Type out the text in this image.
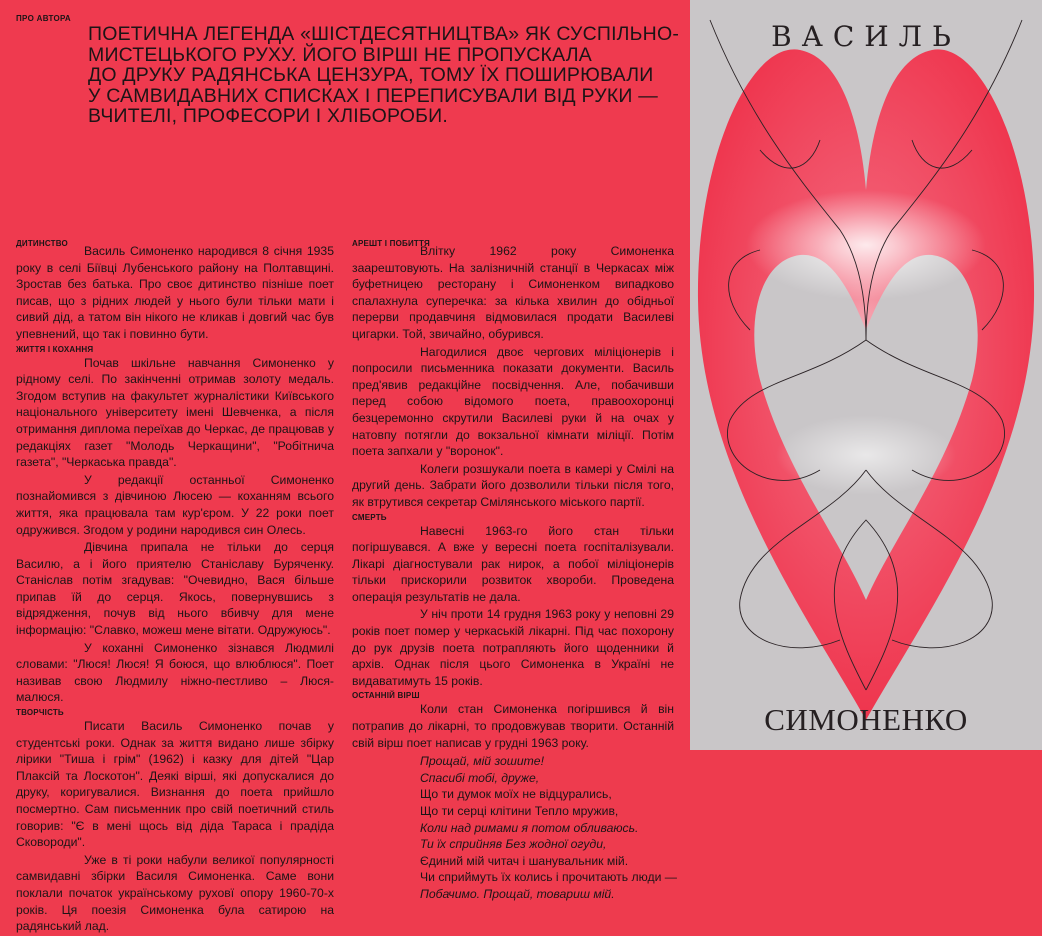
ПРО АВТОРА
ПОЕТИЧНА ЛЕГЕНДА «ШІСТДЕСЯТНИЦТВА» ЯК СУСПІЛЬНО-
МИСТЕЦЬКОГО РУХУ. ЙОГО ВІРШІ НЕ ПРОПУСКАЛА
ДО ДРУКУ РАДЯНСЬКА ЦЕНЗУРА, ТОМУ ЇХ ПОШИРЮВАЛИ
У САМВИДАВНИХ СПИСКАХ І ПЕРЕПИСУВАЛИ ВІД РУКИ —
ВЧИТЕЛІ, ПРОФЕСОРИ І ХЛІБОРОБИ.

ДИТИНСТВО

Василь Симоненко народився 8 січня 1935 року в селі Біївці Лубенського району на Полтавщині. Зростав без батька. Про своє дитинство пізніше поет писав, що з рідних людей у нього були тільки мати і сивий дід, а татом він нікого не кликав і довгий час був упевнений, що так і повинно бути.

ЖИТТЯ І КОХАННЯ

Почав шкільне навчання Симоненко у рідному селі. По закінченні отримав золоту медаль. Згодом вступив на факультет журналістики Київського національного університету імені Шевченка, а після отримання диплома переїхав до Черкас, де працював у редакціях газет "Молодь Черкащини", "Робітнича газета", "Черкаська правда".

У редакції останньої Симоненко познайомився з дівчиною Люсею — коханням всього життя, яка працювала там кур'єром. У 22 роки поет одружився. Згодом у родини народився син Олесь.

Дівчина припала не тільки до серця Василю, а і його приятелю Станіславу Буряченку. Станіслав потім згадував: "Очевидно, Вася більше припав їй до серця. Якось, повернувшись з відрядження, почув від нього вбивчу для мене інформацію: "Славко, можеш мене вітати. Одружуюсь".

У коханні Симоненко зізнався Людмилі словами: "Люся! Люся! Я боюся, що влюблюся". Поет називав свою Людмилу ніжно-пестливо – Люся-малюся.

ТВОРЧІСТЬ

Писати Василь Симоненко почав у студентські роки. Однак за життя видано лише збірку лірики "Тиша і грім" (1962) і казку для дітей "Цар Плаксій та Лоскотон". Деякі вірші, які допускалися до друку, коригувалися. Визнання до поета прийшло посмертно. Сам письменник про свій поетичний стиль говорив: "Є в мені щось від діда Тараса і прадіда Сковороди".

Уже в ті роки набули великої популярності самвидавні збірки Василя Симоненка. Саме вони поклали початок українському руховї опору 1960-70-х років. Ця поезія Симоненка була сатирою на радянський лад.

АРЕШТ І ПОБИТТЯ

Влітку 1962 року Симоненка заарештовують. На залізничній станції в Черкасах між буфетницею ресторану і Симоненком випадково спалахнула суперечка: за кілька хвилин до обідньої перерви продавчиня відмовилася продати Василеві цигарки. Той, звичайно, обурився.

Нагодилися двоє чергових міліціонерів і попросили письменника показати документи. Василь пред'явив редакційне посвідчення. Але, побачивши перед собою відомого поета, правоохоронці безцеремонно скрутили Василеві руки й на очах у натовпу потягли до вокзальної кімнати міліції. Потім поета запхали у "воронок".

Колеги розшукали поета в камері у Смілі на другий день. Забрати його дозволили тільки після того, як втрутився секретар Смілянського міського партії.

СМЕРТЬ

Навесні 1963-го його стан тільки погіршувався. А вже у вересні поета госпіталізували. Лікарі діагностували рак нирок, а побої міліціонерів тільки прискорили розвиток хвороби. Проведена операція результатів не дала.

У ніч проти 14 грудня 1963 року у неповні 29 років поет помер у черкаській лікарні. Під час похорону до рук друзів поета потрапляють його щоденники й архів. Однак після цього Симоненка в Україні не видаватимуть 15 років.

ОСТАННІЙ ВІРШ

Коли стан Симоненка погіршився й він потрапив до лікарні, то продовжував творити. Останній свій вірш поет написав у грудні 1963 року.

Прощай, мій зошите!
Спасибі тобі, друже,
Що ти думок моїх не відцурались,
Що ти серці клітини Тепло мружив,
Коли над римами я потом обливаюсь.
Ти їх сприйняв Без жодної огуди,
Єдиний мій читач і шанувальник мій.
Чи сприймуть їх колись і прочитають люди —
Побачимо. Прощай, товариш мій.
ВАСИЛЬ
СИМОНЕНКО
